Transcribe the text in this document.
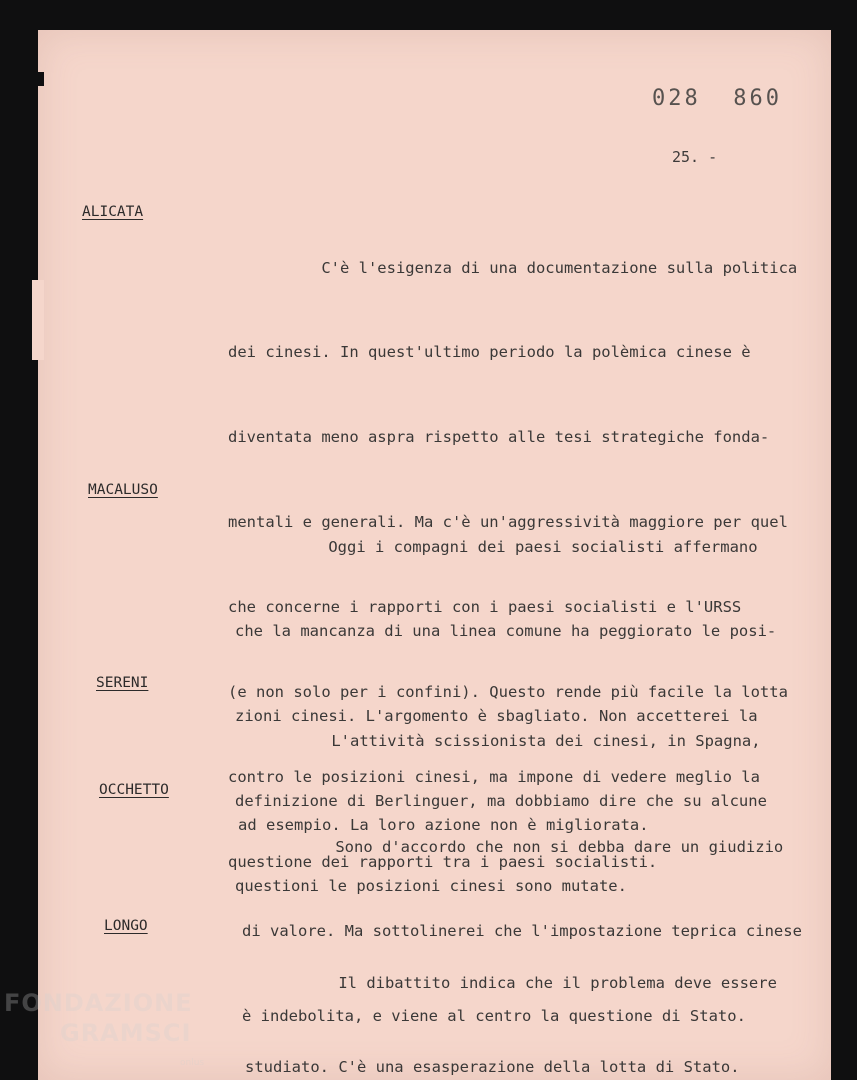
028  860

25. -

ALICATA

C'è l'esigenza di una documentazione sulla politica

dei cinesi. In quest'ultimo periodo la polèmica cinese è

diventata meno aspra rispetto alle tesi strategiche fonda-

mentali e generali. Ma c'è un'aggressività maggiore per quel

che concerne i rapporti con i paesi socialisti e l'URSS

(e non solo per i confini). Questo rende più facile la lotta

contro le posizioni cinesi, ma impone di vedere meglio la

questione dei rapporti tra i paesi socialisti.

MACALUSO

Oggi i compagni dei paesi socialisti affermano

che la mancanza di una linea comune ha peggiorato le posi-

zioni cinesi. L'argomento è sbagliato. Non accetterei la

definizione di Berlinguer, ma dobbiamo dire che su alcune

questioni le posizioni cinesi sono mutate.

SERENI

L'attività scissionista dei cinesi, in Spagna,

ad esempio. La loro azione non è migliorata.

OCCHETTO

Sono d'accordo che non si debba dare un giudizio

di valore. Ma sottolinerei che l'impostazione teprica cinese

è indebolita, e viene al centro la questione di Stato.

LONGO

Il dibattito indica che il problema deve essere

studiato. C'è una esasperazione della lotta di Stato.

FONDAZIONE
GRAMSCI
onlus
